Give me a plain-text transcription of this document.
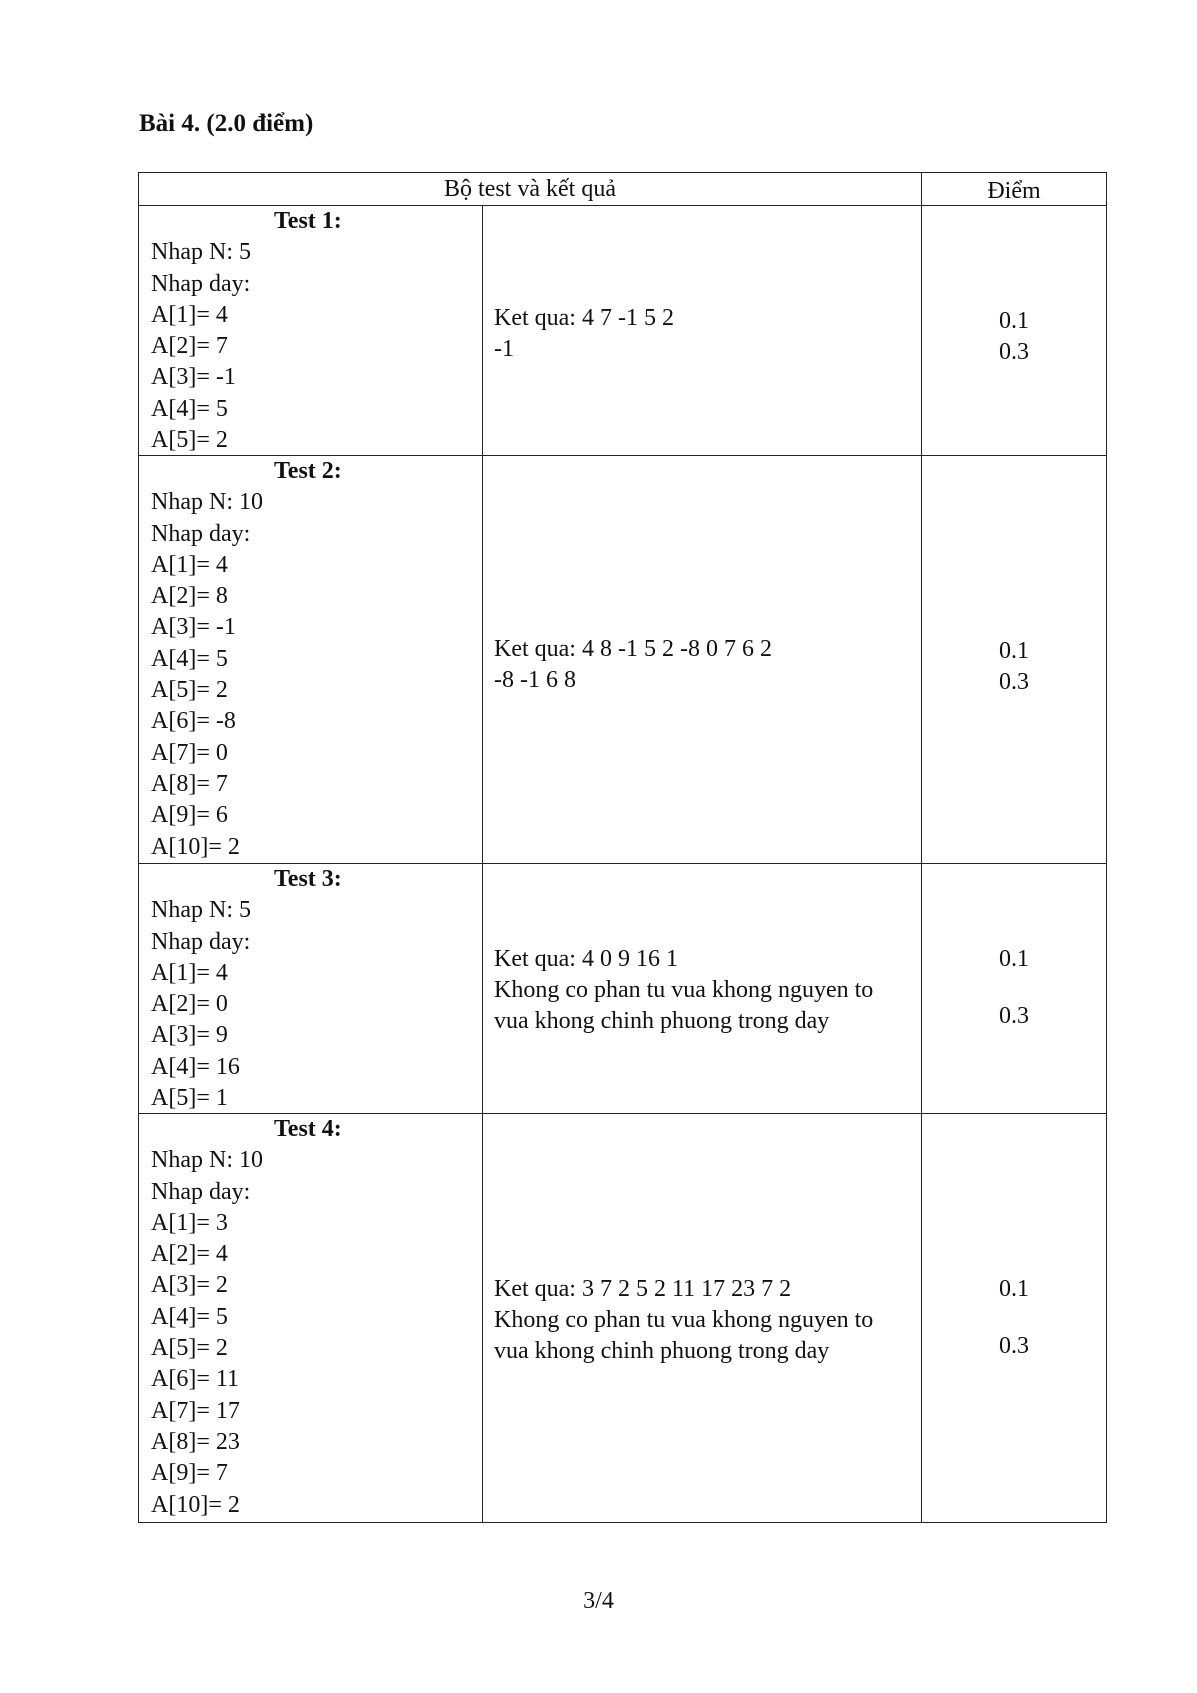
Bài 4. (2.0 điểm)
Bộ test và kết quả	Điểm
Test 1:
Nhap N: 5
Nhap day:
A[1]= 4
A[2]= 7
A[3]= -1
A[4]= 5
A[5]= 2
Ket qua: 4 7 -1 5 2
-1
0.1
0.3
Test 2:
Nhap N: 10
Nhap day:
A[1]= 4
A[2]= 8
A[3]= -1
A[4]= 5
A[5]= 2
A[6]= -8
A[7]= 0
A[8]= 7
A[9]= 6
A[10]= 2
Ket qua: 4 8 -1 5 2 -8 0 7 6 2
-8 -1 6 8
0.1
0.3
Test 3:
Nhap N: 5
Nhap day:
A[1]= 4
A[2]= 0
A[3]= 9
A[4]= 16
A[5]= 1
Ket qua: 4 0 9 16 1
Khong co phan tu vua khong nguyen to
vua khong chinh phuong trong day
0.1
0.3
Test 4:
Nhap N: 10
Nhap day:
A[1]= 3
A[2]= 4
A[3]= 2
A[4]= 5
A[5]= 2
A[6]= 11
A[7]= 17
A[8]= 23
A[9]= 7
A[10]= 2
Ket qua: 3 7 2 5 2 11 17 23 7 2
Khong co phan tu vua khong nguyen to
vua khong chinh phuong trong day
0.1
0.3
3/4
